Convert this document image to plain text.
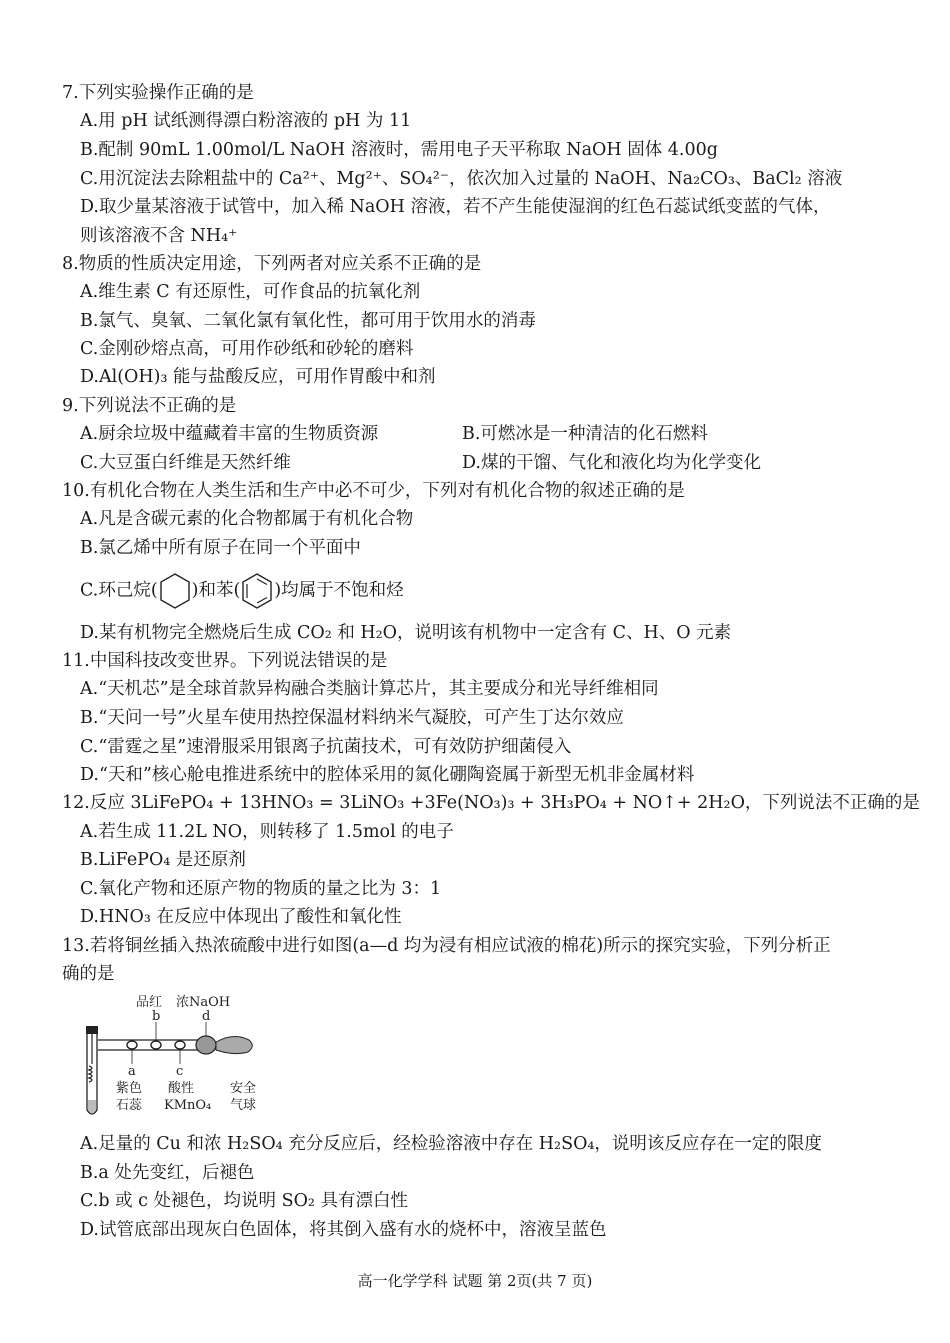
7.下列实验操作正确的是
A.用 pH 试纸测得漂白粉溶液的 pH 为 11
B.配制 90mL 1.00mol/L NaOH 溶液时，需用电子天平称取 NaOH 固体 4.00g
C.用沉淀法去除粗盐中的 Ca²⁺、Mg²⁺、SO₄²⁻，依次加入过量的 NaOH、Na₂CO₃、BaCl₂ 溶液
D.取少量某溶液于试管中，加入稀 NaOH 溶液，若不产生能使湿润的红色石蕊试纸变蓝的气体，
则该溶液不含 NH₄⁺
8.物质的性质决定用途，下列两者对应关系不正确的是
A.维生素 C 有还原性，可作食品的抗氧化剂
B.氯气、臭氧、二氧化氯有氧化性，都可用于饮用水的消毒
C.金刚砂熔点高，可用作砂纸和砂轮的磨料
D.Al(OH)₃ 能与盐酸反应，可用作胃酸中和剂
9.下列说法不正确的是
A.厨余垃圾中蕴藏着丰富的生物质资源	B.可燃冰是一种清洁的化石燃料
C.大豆蛋白纤维是天然纤维	D.煤的干馏、气化和液化均为化学变化
10.有机化合物在人类生活和生产中必不可少，下列对有机化合物的叙述正确的是
A.凡是含碳元素的化合物都属于有机化合物
B.氯乙烯中所有原子在同一个平面中
C.环己烷( )和苯( )均属于不饱和烃
D.某有机物完全燃烧后生成 CO₂ 和 H₂O，说明该有机物中一定含有 C、H、O 元素
11.中国科技改变世界。下列说法错误的是
A.“天机芯”是全球首款异构融合类脑计算芯片，其主要成分和光导纤维相同
B.“天问一号”火星车使用热控保温材料纳米气凝胶，可产生丁达尔效应
C.“雷霆之星”速滑服采用银离子抗菌技术，可有效防护细菌侵入
D.“天和”核心舱电推进系统中的腔体采用的氮化硼陶瓷属于新型无机非金属材料
12.反应 3LiFePO₄ + 13HNO₃ = 3LiNO₃ +3Fe(NO₃)₃ + 3H₃PO₄ + NO↑+ 2H₂O，下列说法不正确的是
A.若生成 11.2L NO，则转移了 1.5mol 的电子
B.LiFePO₄ 是还原剂
C.氧化产物和还原产物的物质的量之比为 3：1
D.HNO₃ 在反应中体现出了酸性和氧化性
13.若将铜丝插入热浓硫酸中进行如图(a—d 均为浸有相应试液的棉花)所示的探究实验，下列分析正
确的是
品红 浓NaOH
b	d
a	c
紫色
石蕊
酸性
KMnO₄
安全
气球
A.足量的 Cu 和浓 H₂SO₄ 充分反应后，经检验溶液中存在 H₂SO₄，说明该反应存在一定的限度
B.a 处先变红，后褪色
C.b 或 c 处褪色，均说明 SO₂ 具有漂白性
D.试管底部出现灰白色固体，将其倒入盛有水的烧杯中，溶液呈蓝色
高一化学学科 试题 第 2页(共 7 页)
